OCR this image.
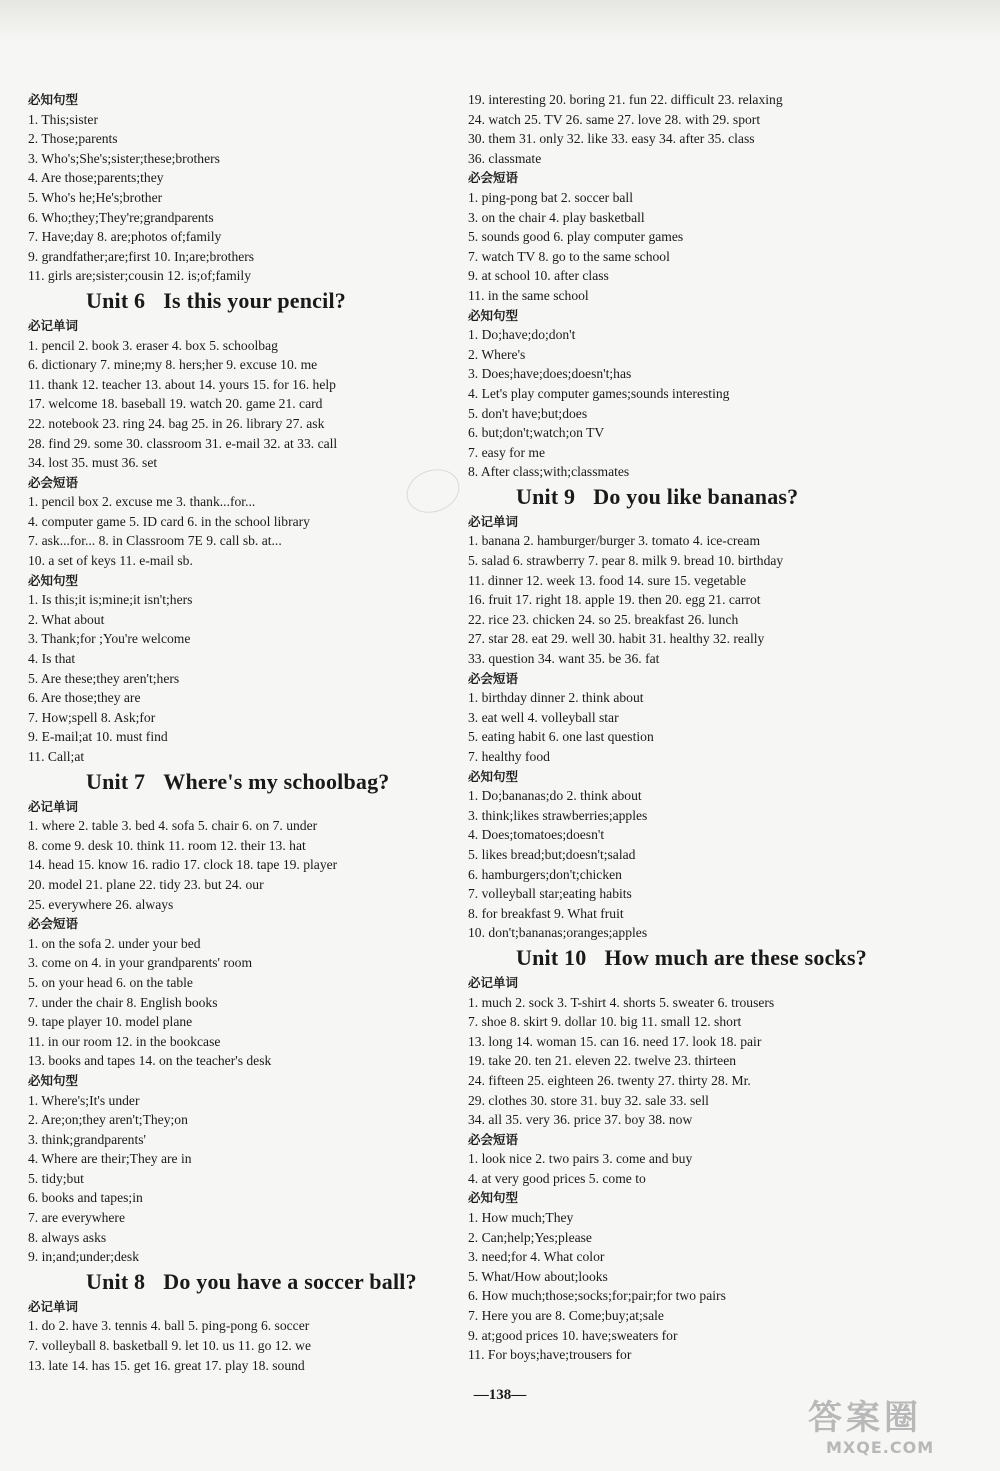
必知句型
1. This;sister
2. Those;parents
3. Who's;She's;sister;these;brothers
4. Are those;parents;they
5. Who's he;He's;brother
6. Who;they;They're;grandparents
7. Have;day 8. are;photos of;family
9. grandfather;are;first 10. In;are;brothers
11. girls are;sister;cousin 12. is;of;family
Unit 6 Is this your pencil?
必记单词
1. pencil 2. book 3. eraser 4. box 5. schoolbag
6. dictionary 7. mine;my 8. hers;her 9. excuse 10. me
11. thank 12. teacher 13. about 14. yours 15. for 16. help
17. welcome 18. baseball 19. watch 20. game 21. card
22. notebook 23. ring 24. bag 25. in 26. library 27. ask
28. find 29. some 30. classroom 31. e-mail 32. at 33. call
34. lost 35. must 36. set
必会短语
1. pencil box 2. excuse me 3. thank...for...
4. computer game 5. ID card 6. in the school library
7. ask...for... 8. in Classroom 7E 9. call sb. at...
10. a set of keys 11. e-mail sb.
必知句型
1. Is this;it is;mine;it isn't;hers
2. What about
3. Thank;for ;You're welcome
4. Is that
5. Are these;they aren't;hers
6. Are those;they are
7. How;spell 8. Ask;for
9. E-mail;at 10. must find
11. Call;at
Unit 7 Where's my schoolbag?
必记单词
1. where 2. table 3. bed 4. sofa 5. chair 6. on 7. under
8. come 9. desk 10. think 11. room 12. their 13. hat
14. head 15. know 16. radio 17. clock 18. tape 19. player
20. model 21. plane 22. tidy 23. but 24. our
25. everywhere 26. always
必会短语
1. on the sofa 2. under your bed
3. come on 4. in your grandparents' room
5. on your head 6. on the table
7. under the chair 8. English books
9. tape player 10. model plane
11. in our room 12. in the bookcase
13. books and tapes 14. on the teacher's desk
必知句型
1. Where's;It's under
2. Are;on;they aren't;They;on
3. think;grandparents'
4. Where are their;They are in
5. tidy;but
6. books and tapes;in
7. are everywhere
8. always asks
9. in;and;under;desk
Unit 8 Do you have a soccer ball?
必记单词
1. do 2. have 3. tennis 4. ball 5. ping-pong 6. soccer
7. volleyball 8. basketball 9. let 10. us 11. go 12. we
13. late 14. has 15. get 16. great 17. play 18. sound
19. interesting 20. boring 21. fun 22. difficult 23. relaxing
24. watch 25. TV 26. same 27. love 28. with 29. sport
30. them 31. only 32. like 33. easy 34. after 35. class
36. classmate
必会短语
1. ping-pong bat 2. soccer ball
3. on the chair 4. play basketball
5. sounds good 6. play computer games
7. watch TV 8. go to the same school
9. at school 10. after class
11. in the same school
必知句型
1. Do;have;do;don't
2. Where's
3. Does;have;does;doesn't;has
4. Let's play computer games;sounds interesting
5. don't have;but;does
6. but;don't;watch;on TV
7. easy for me
8. After class;with;classmates
Unit 9 Do you like bananas?
必记单词
1. banana 2. hamburger/burger 3. tomato 4. ice-cream
5. salad 6. strawberry 7. pear 8. milk 9. bread 10. birthday
11. dinner 12. week 13. food 14. sure 15. vegetable
16. fruit 17. right 18. apple 19. then 20. egg 21. carrot
22. rice 23. chicken 24. so 25. breakfast 26. lunch
27. star 28. eat 29. well 30. habit 31. healthy 32. really
33. question 34. want 35. be 36. fat
必会短语
1. birthday dinner 2. think about
3. eat well 4. volleyball star
5. eating habit 6. one last question
7. healthy food
必知句型
1. Do;bananas;do 2. think about
3. think;likes strawberries;apples
4. Does;tomatoes;doesn't
5. likes bread;but;doesn't;salad
6. hamburgers;don't;chicken
7. volleyball star;eating habits
8. for breakfast 9. What fruit
10. don't;bananas;oranges;apples
Unit 10 How much are these socks?
必记单词
1. much 2. sock 3. T-shirt 4. shorts 5. sweater 6. trousers
7. shoe 8. skirt 9. dollar 10. big 11. small 12. short
13. long 14. woman 15. can 16. need 17. look 18. pair
19. take 20. ten 21. eleven 22. twelve 23. thirteen
24. fifteen 25. eighteen 26. twenty 27. thirty 28. Mr.
29. clothes 30. store 31. buy 32. sale 33. sell
34. all 35. very 36. price 37. boy 38. now
必会短语
1. look nice 2. two pairs 3. come and buy
4. at very good prices 5. come to
必知句型
1. How much;They
2. Can;help;Yes;please
3. need;for 4. What color
5. What/How about;looks
6. How much;those;socks;for;pair;for two pairs
7. Here you are 8. Come;buy;at;sale
9. at;good prices 10. have;sweaters for
11. For boys;have;trousers for
—138—
答案圈
MXQE.COM
